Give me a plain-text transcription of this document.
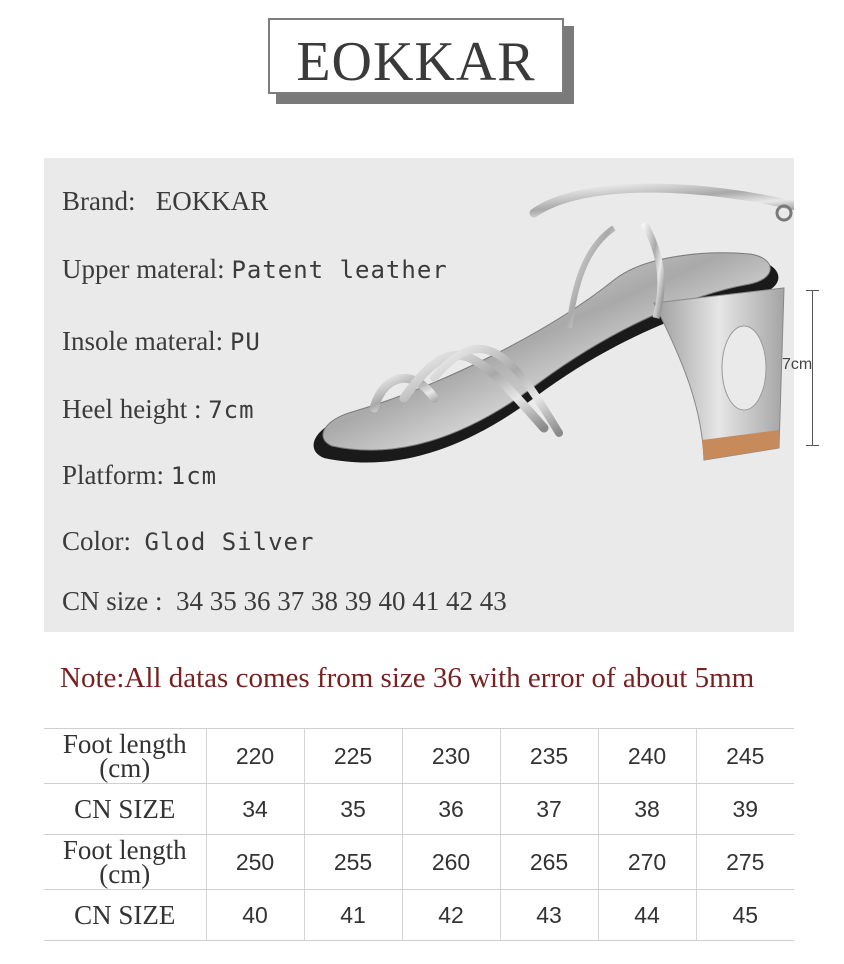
EOKKAR
Brand: EOKKAR
Upper materal: Patent leather
Insole materal: PU
Heel height : 7cm
Platform: 1cm
Color: Glod Silver
CN size : 34 35 36 37 38 39 40 41 42 43
7cm
Note:All datas comes from size 36 with error of about 5mm
Foot length (cm)	220	225	230	235	240	245
CN SIZE	34	35	36	37	38	39
Foot length (cm)	250	255	260	265	270	275
CN SIZE	40	41	42	43	44	45
